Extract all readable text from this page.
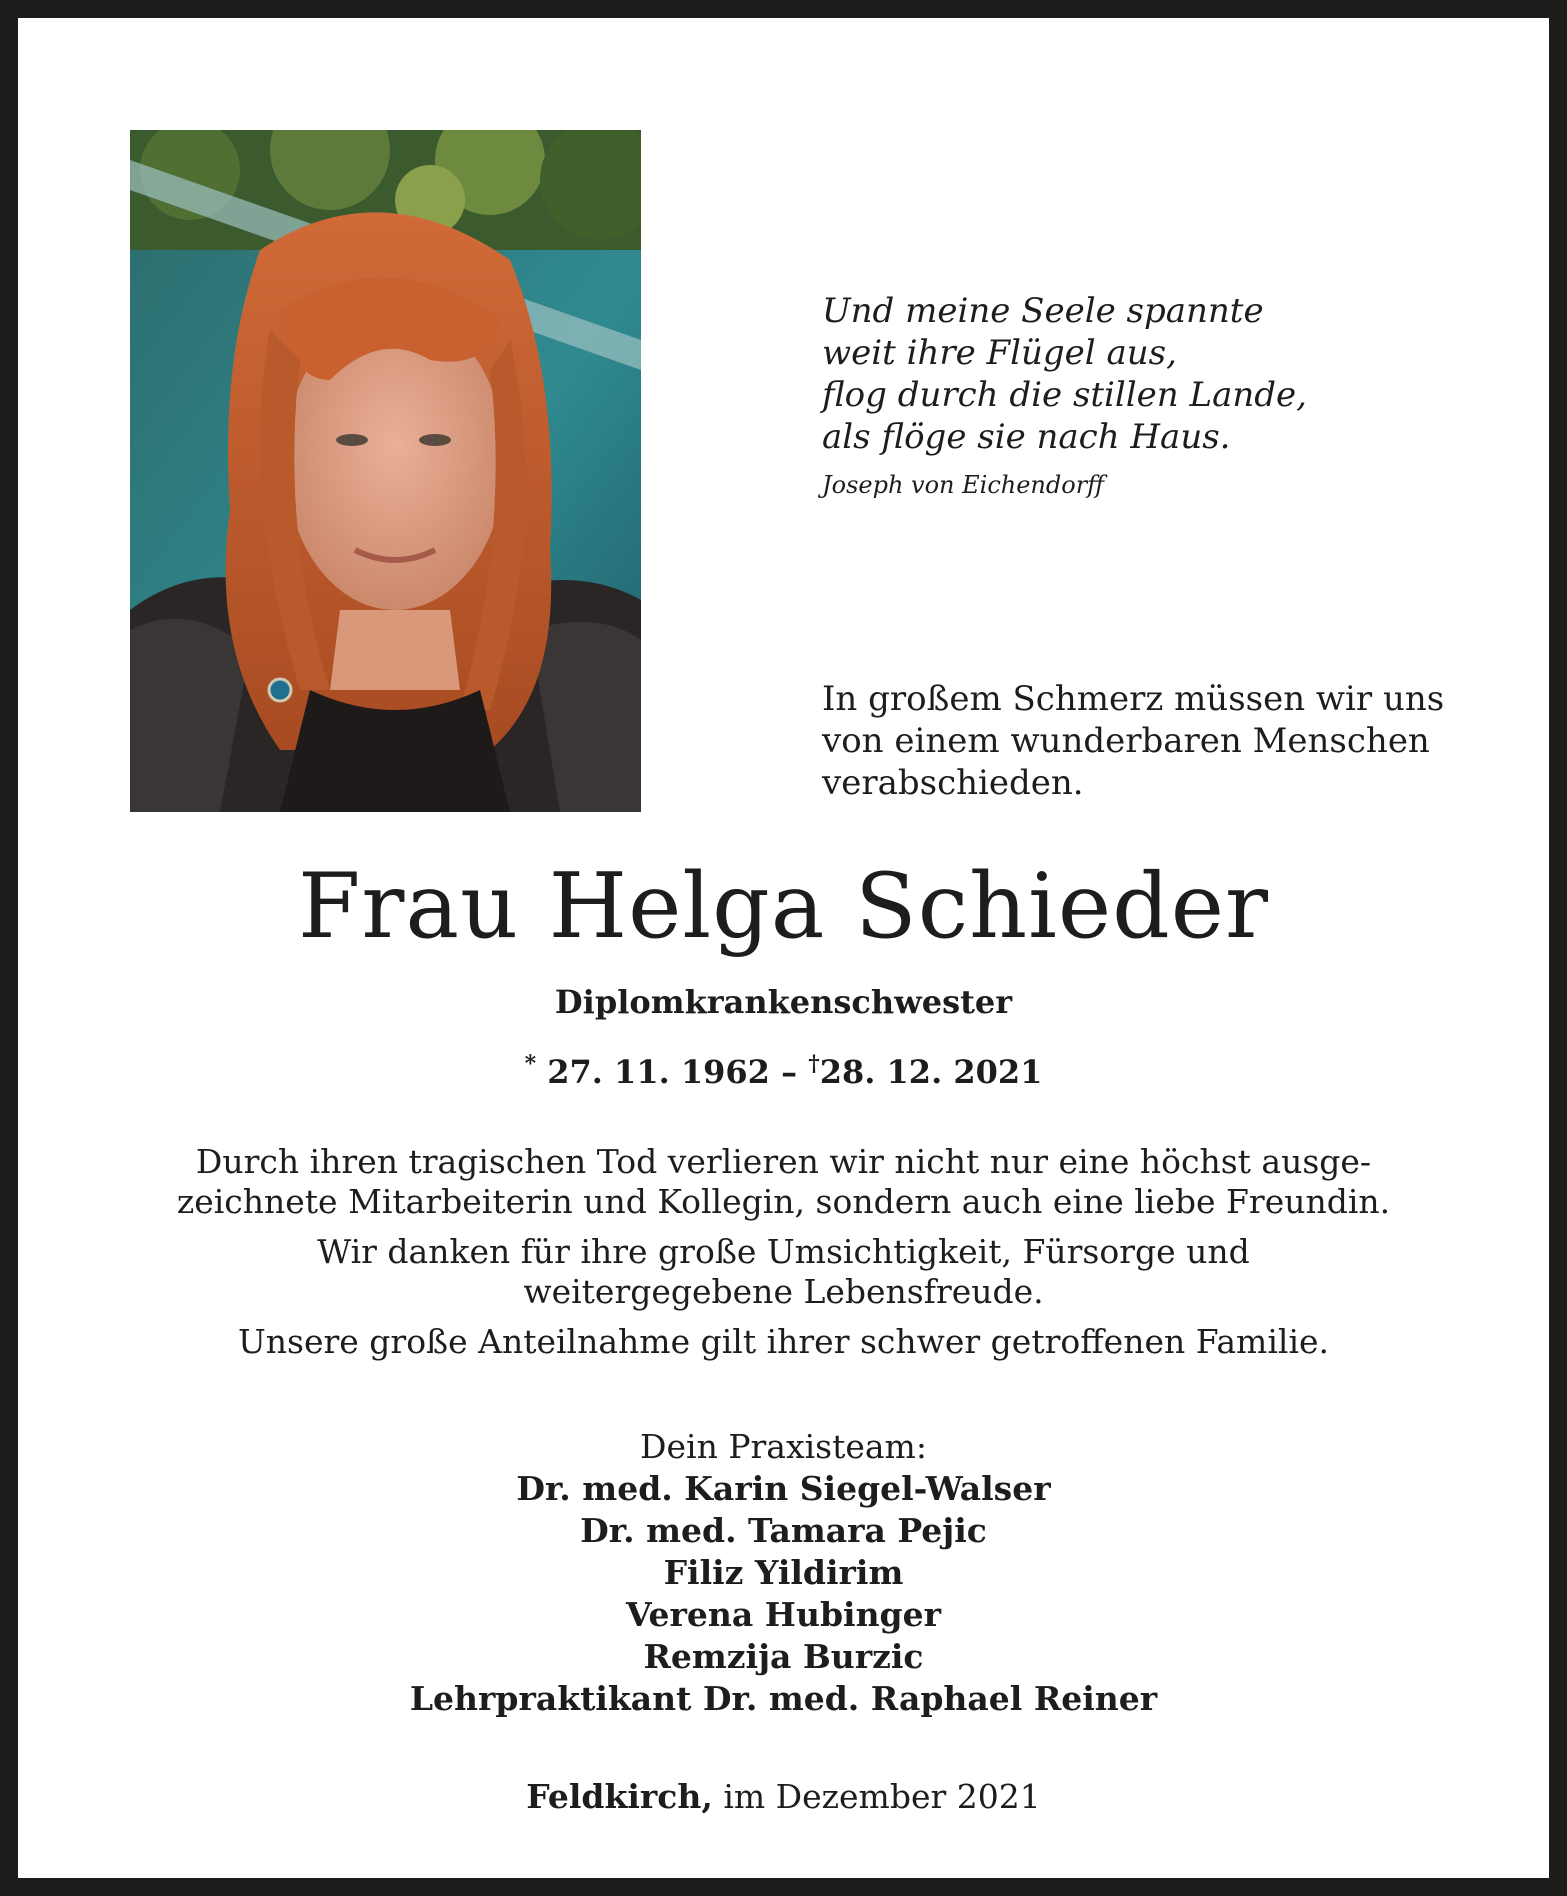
Und meine Seele spannte
weit ihre Flügel aus,
flog durch die stillen Lande,
als flöge sie nach Haus.
Joseph von Eichendorff
In großem Schmerz müssen wir uns
von einem wunderbaren Menschen
verabschieden.
Frau Helga Schieder
Diplomkrankenschwester
* 27. 11. 1962 – †28. 12. 2021

Durch ihren tragischen Tod verlieren wir nicht nur eine höchst ausge-
zeichnete Mitarbeiterin und Kollegin, sondern auch eine liebe Freundin.

Wir danken für ihre große Umsichtigkeit, Fürsorge und
weitergegebene Lebensfreude.

Unsere große Anteilnahme gilt ihrer schwer getroffenen Familie.

Dein Praxisteam:
Dr. med. Karin Siegel-Walser
Dr. med. Tamara Pejic
Filiz Yildirim
Verena Hubinger
Remzija Burzic
Lehrpraktikant Dr. med. Raphael Reiner
Feldkirch, im Dezember 2021
